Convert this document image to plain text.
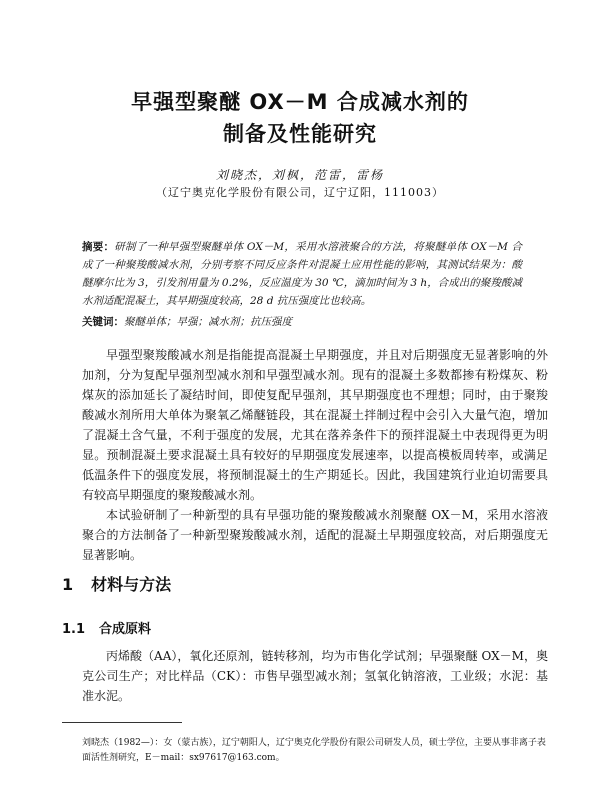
早强型聚醚 OX－M 合成减水剂的
制备及性能研究
刘晓杰，刘枫，范雷，雷杨
（辽宁奥克化学股份有限公司，辽宁辽阳，111003）
摘要：研制了一种早强型聚醚单体 OX－M，采用水溶液聚合的方法，将聚醚单体 OX－M 合成了一种聚羧酸减水剂，分别考察不同反应条件对混凝土应用性能的影响，其测试结果为：酸醚摩尔比为 3，引发剂用量为 0.2%，反应温度为 30 ℃，滴加时间为 3 h，合成出的聚羧酸减水剂适配混凝土，其早期强度较高，28 d 抗压强度比也较高。
关键词：聚醚单体；早强；减水剂；抗压强度
早强型聚羧酸减水剂是指能提高混凝土早期强度，并且对后期强度无显著影响的外加剂，分为复配早强剂型减水剂和早强型减水剂。现有的混凝土多数都掺有粉煤灰、粉煤灰的添加延长了凝结时间，即使复配早强剂，其早期强度也不理想；同时，由于聚羧酸减水剂所用大单体为聚氧乙烯醚链段，其在混凝土拌制过程中会引入大量气泡，增加了混凝土含气量，不利于强度的发展，尤其在落养条件下的预拌混凝土中表现得更为明显。预制混凝土要求混凝土具有较好的早期强度发展速率，以提高模板周转率，或满足低温条件下的强度发展，将预制混凝土的生产期延长。因此，我国建筑行业迫切需要具有较高早期强度的聚羧酸减水剂。
本试验研制了一种新型的具有早强功能的聚羧酸减水剂聚醚 OX－M，采用水溶液聚合的方法制备了一种新型聚羧酸减水剂，适配的混凝土早期强度较高，对后期强度无显著影响。
1 材料与方法
1.1 合成原料
丙烯酸（AA），氧化还原剂，链转移剂，均为市售化学试剂；早强聚醚 OX－M，奥克公司生产；对比样品（CK）：市售早强型减水剂；氢氧化钠溶液，工业级；水泥：基准水泥。
刘晓杰（1982—）：女（蒙古族），辽宁朝阳人，辽宁奥克化学股份有限公司研发人员，硕士学位，主要从事非离子表面活性剂研究，E－mail：sx97617@163.com。
